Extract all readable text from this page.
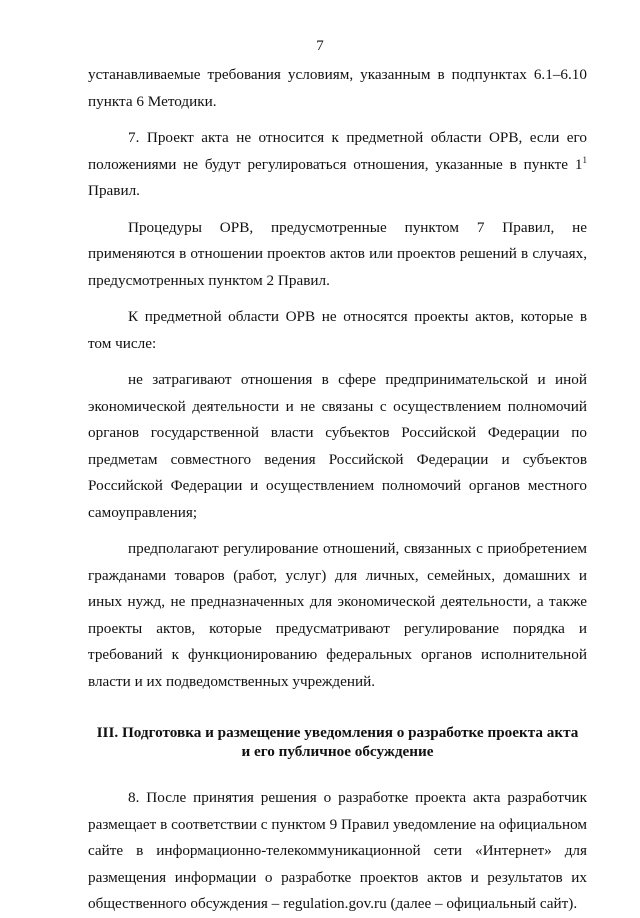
7

устанавливаемые требования условиям, указанным в подпунктах 6.1–6.10 пункта 6 Методики.

7. Проект акта не относится к предметной области ОРВ, если его положениями не будут регулироваться отношения, указанные в пункте $1^1$ Правил.

Процедуры ОРВ, предусмотренные пунктом 7 Правил, не применяются в отношении проектов актов или проектов решений в случаях, предусмотренных пунктом 2 Правил.

К предметной области ОРВ не относятся проекты актов, которые в том числе:

не затрагивают отношения в сфере предпринимательской и иной экономической деятельности и не связаны с осуществлением полномочий органов государственной власти субъектов Российской Федерации по предметам совместного ведения Российской Федерации и субъектов Российской Федерации и осуществлением полномочий органов местного самоуправления;

предполагают регулирование отношений, связанных с приобретением гражданами товаров (работ, услуг) для личных, семейных, домашних и иных нужд, не предназначенных для экономической деятельности, а также проекты актов, которые предусматривают регулирование порядка и требований к функционированию федеральных органов исполнительной власти и их подведомственных учреждений.

III. Подготовка и размещение уведомления о разработке проекта акта
и его публичное обсуждение

8. После принятия решения о разработке проекта акта разработчик размещает в соответствии с пунктом 9 Правил уведомление на официальном сайте в информационно-телекоммуникационной сети «Интернет» для размещения информации о разработке проектов актов и результатов их общественного обсуждения – regulation.gov.ru (далее – официальный сайт).
